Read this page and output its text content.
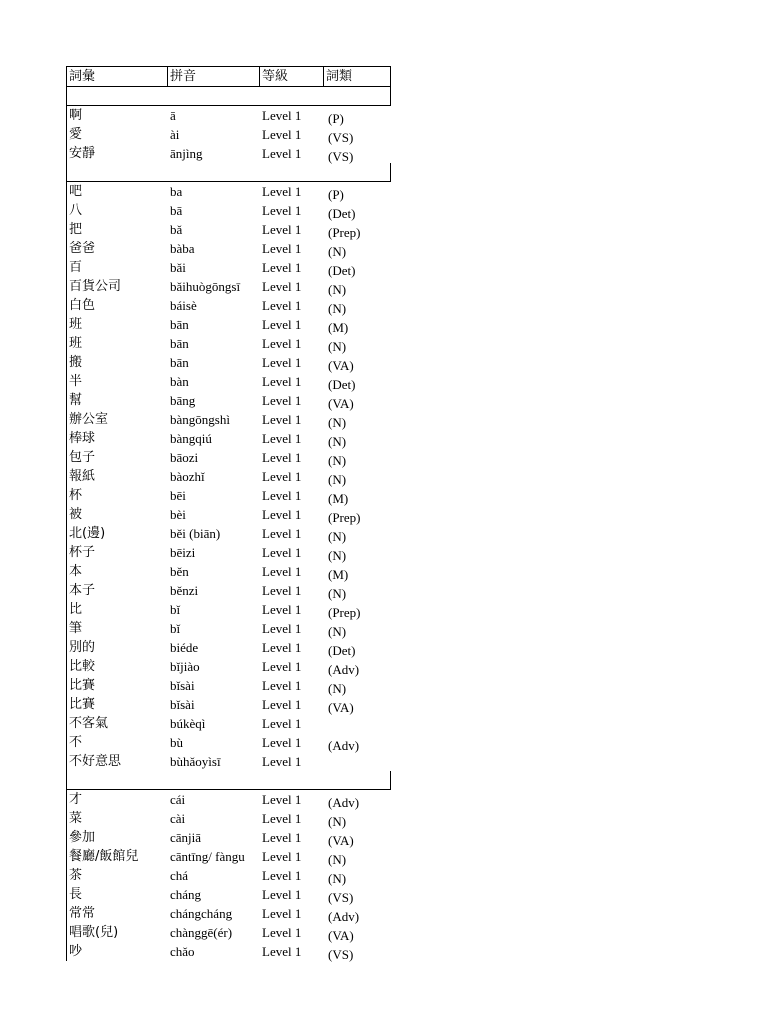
詞彙	拼音	等級	詞類
啊	ā	Level 1	(P)
愛	ài	Level 1	(VS)
安靜	ānjìng	Level 1	(VS)
吧	ba	Level 1	(P)
八	bā	Level 1	(Det)
把	bǎ	Level 1	(Prep)
爸爸	bàba	Level 1	(N)
百	bǎi	Level 1	(Det)
百貨公司	bǎihuògōngsī	Level 1	(N)
白色	báisè	Level 1	(N)
班	bān	Level 1	(M)
班	bān	Level 1	(N)
搬	bān	Level 1	(VA)
半	bàn	Level 1	(Det)
幫	bāng	Level 1	(VA)
辦公室	bàngōngshì	Level 1	(N)
棒球	bàngqiú	Level 1	(N)
包子	bāozi	Level 1	(N)
報紙	bàozhǐ	Level 1	(N)
杯	bēi	Level 1	(M)
被	bèi	Level 1	(Prep)
北(邊)	běi (biān)	Level 1	(N)
杯子	bēizi	Level 1	(N)
本	běn	Level 1	(M)
本子	běnzi	Level 1	(N)
比	bǐ	Level 1	(Prep)
筆	bǐ	Level 1	(N)
別的	biéde	Level 1	(Det)
比較	bǐjiào	Level 1	(Adv)
比賽	bǐsài	Level 1	(N)
比賽	bǐsài	Level 1	(VA)
不客氣	búkèqì	Level 1
不	bù	Level 1	(Adv)
不好意思	bùhǎoyìsī	Level 1
才	cái	Level 1	(Adv)
菜	cài	Level 1	(N)
參加	cānjiā	Level 1	(VA)
餐廳/飯館兒	cāntīng/ fàngu	Level 1	(N)
茶	chá	Level 1	(N)
長	cháng	Level 1	(VS)
常常	chángcháng	Level 1	(Adv)
唱歌(兒)	chànggē(ér)	Level 1	(VA)
吵	chǎo	Level 1	(VS)
